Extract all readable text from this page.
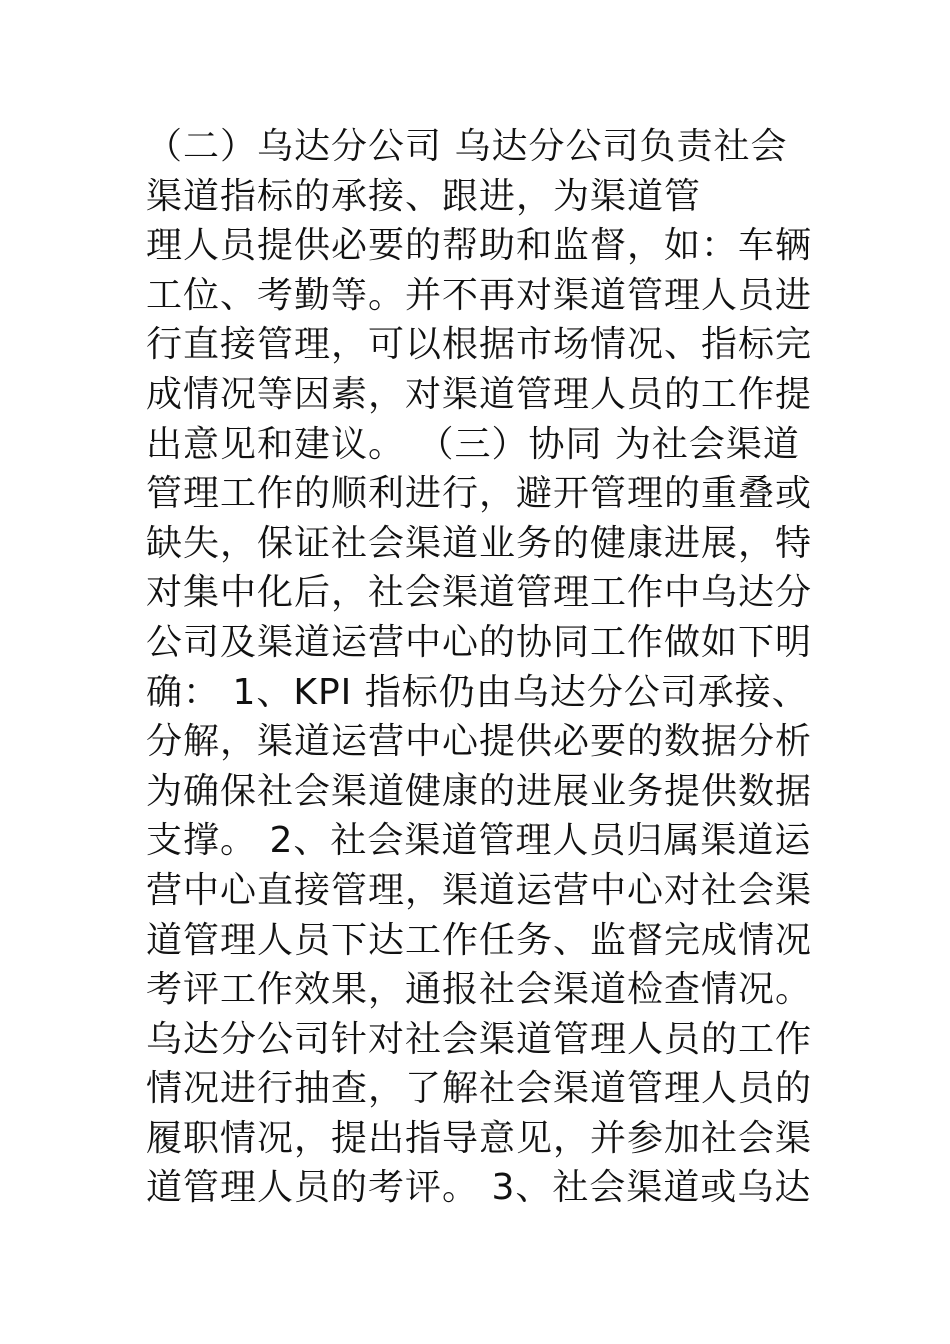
（二）乌达分公司 乌达分公司负责社会
渠道指标的承接、跟进，为渠道管
理人员提供必要的帮助和监督，如：车辆
工位、考勤等。并不再对渠道管理人员进
行直接管理，可以根据市场情况、指标完
成情况等因素，对渠道管理人员的工作提
出意见和建议。 （三）协同 为社会渠道
管理工作的顺利进行，避开管理的重叠或
缺失，保证社会渠道业务的健康进展，特
对集中化后，社会渠道管理工作中乌达分
公司及渠道运营中心的协同工作做如下明
确： 1、KPI 指标仍由乌达分公司承接、
分解，渠道运营中心提供必要的数据分析
为确保社会渠道健康的进展业务提供数据
支撑。 2、社会渠道管理人员归属渠道运
营中心直接管理，渠道运营中心对社会渠
道管理人员下达工作任务、监督完成情况
考评工作效果，通报社会渠道检查情况。
乌达分公司针对社会渠道管理人员的工作
情况进行抽查，了解社会渠道管理人员的
履职情况，提出指导意见，并参加社会渠
道管理人员的考评。 3、社会渠道或乌达
